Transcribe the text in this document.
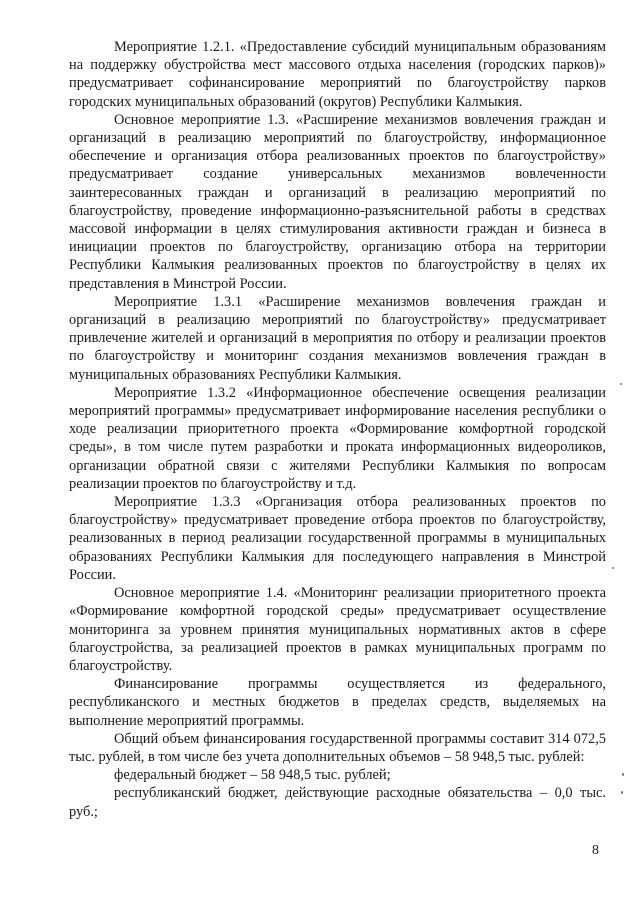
Мероприятие 1.2.1. «Предоставление субсидий муниципальным образованиям на поддержку обустройства мест массового отдыха населения (городских парков)» предусматривает софинансирование мероприятий по благоустройству парков городских муниципальных образований (округов) Республики Калмыкия.

Основное мероприятие 1.3. «Расширение механизмов вовлечения граждан и организаций в реализацию мероприятий по благоустройству, информационное обеспечение и организация отбора реализованных проектов по благоустройству» предусматривает создание универсальных механизмов вовлеченности заинтересованных граждан и организаций в реализацию мероприятий по благоустройству, проведение информационно-разъяснительной работы в средствах массовой информации в целях стимулирования активности граждан и бизнеса в инициации проектов по благоустройству, организацию отбора на территории Республики Калмыкия реализованных проектов по благоустройству в целях их представления в Минстрой России.

Мероприятие 1.3.1 «Расширение механизмов вовлечения граждан и организаций в реализацию мероприятий по благоустройству» предусматривает привлечение жителей и организаций в мероприятия по отбору и реализации проектов по благоустройству и мониторинг создания механизмов вовлечения граждан в муниципальных образованиях Республики Калмыкия.

Мероприятие 1.3.2 «Информационное обеспечение освещения реализации мероприятий программы» предусматривает информирование населения республики о ходе реализации приоритетного проекта «Формирование комфортной городской среды», в том числе путем разработки и проката информационных видеороликов, организации обратной связи с жителями Республики Калмыкия по вопросам реализации проектов по благоустройству и т.д.

Мероприятие 1.3.3 «Организация отбора реализованных проектов по благоустройству» предусматривает проведение отбора проектов по благоустройству, реализованных в период реализации государственной программы в муниципальных образованиях Республики Калмыкия для последующего направления в Минстрой России.

Основное мероприятие 1.4. «Мониторинг реализации приоритетного проекта «Формирование комфортной городской среды» предусматривает осуществление мониторинга за уровнем принятия муниципальных нормативных актов в сфере благоустройства, за реализацией проектов в рамках муниципальных программ по благоустройству.

Финансирование программы осуществляется из федерального, республиканского и местных бюджетов в пределах средств, выделяемых на выполнение мероприятий программы.

Общий объем финансирования государственной программы составит 314 072,5 тыс. рублей, в том числе без учета дополнительных объемов – 58 948,5 тыс. рублей:

федеральный бюджет – 58 948,5 тыс. рублей;

республиканский бюджет, действующие расходные обязательства – 0,0 тыс. руб.;

8
